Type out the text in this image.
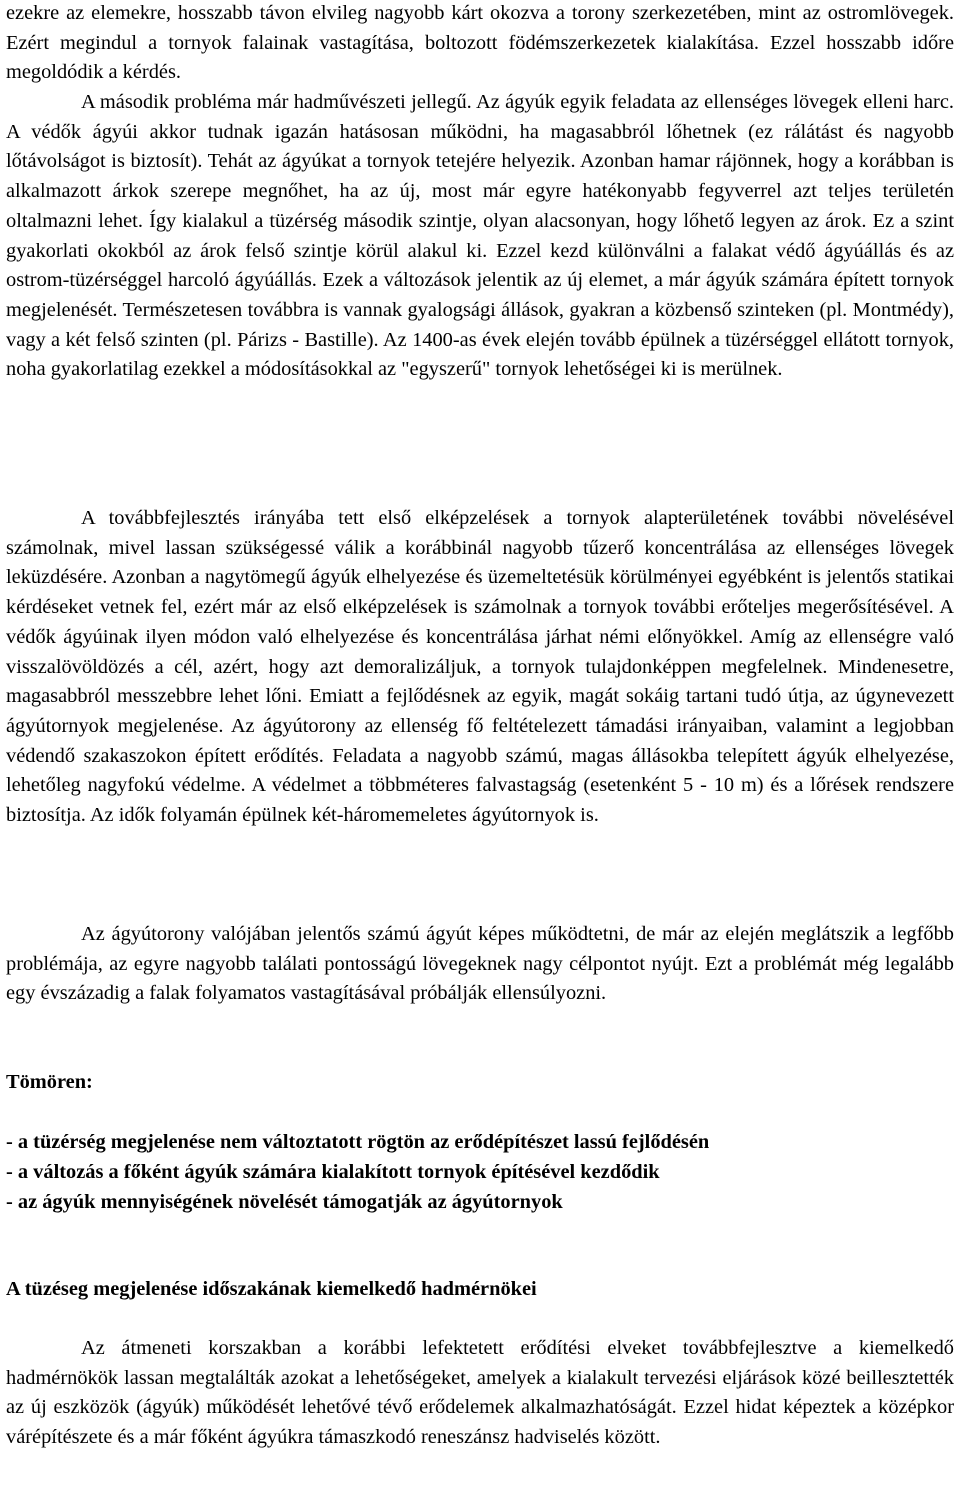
ezekre az elemekre, hosszabb távon elvileg nagyobb kárt okozva a torony szerkezetében, mint az ostromlövegek. Ezért megindul a tornyok falainak vastagítása, boltozott födémszerkezetek kialakítása. Ezzel hosszabb időre megoldódik a kérdés.

A második probléma már hadművészeti jellegű. Az ágyúk egyik feladata az ellenséges lövegek elleni harc. A védők ágyúi akkor tudnak igazán hatásosan működni, ha magasabbról lőhetnek (ez rálátást és nagyobb lőtávolságot is biztosít). Tehát az ágyúkat a tornyok tetejére helyezik. Azonban hamar rájönnek, hogy a korábban is alkalmazott árkok szerepe megnőhet, ha az új, most már egyre hatékonyabb fegyverrel azt teljes területén oltalmazni lehet. Így kialakul a tüzérség második szintje, olyan alacsonyan, hogy lőhető legyen az árok. Ez a szint gyakorlati okokból az árok felső szintje körül alakul ki. Ezzel kezd különválni a falakat védő ágyúállás és az ostrom-tüzérséggel harcoló ágyúállás. Ezek a változások jelentik az új elemet, a már ágyúk számára épített tornyok megjelenését. Természetesen továbbra is vannak gyalogsági állások, gyakran a közbenső szinteken (pl. Montmédy), vagy a két felső szinten (pl. Párizs - Bastille). Az 1400-as évek elején tovább épülnek a tüzérséggel ellátott tornyok, noha gyakorlatilag ezekkel a módosításokkal az "egyszerű" tornyok lehetőségei ki is merülnek.

A továbbfejlesztés irányába tett első elképzelések a tornyok alapterületének további növelésével számolnak, mivel lassan szükségessé válik a korábbinál nagyobb tűzerő koncentrálása az ellenséges lövegek leküzdésére. Azonban a nagytömegű ágyúk elhelyezése és üzemeltetésük körülményei egyébként is jelentős statikai kérdéseket vetnek fel, ezért már az első elképzelések is számolnak a tornyok további erőteljes megerősítésével. A védők ágyúinak ilyen módon való elhelyezése és koncentrálása járhat némi előnyökkel. Amíg az ellenségre való visszalövöldözés a cél, azért, hogy azt demoralizáljuk, a tornyok tulajdonképpen megfelelnek. Mindenesetre, magasabbról messzebbre lehet lőni. Emiatt a fejlődésnek az egyik, magát sokáig tartani tudó útja, az úgynevezett ágyútornyok megjelenése. Az ágyútorony az ellenség fő feltételezett támadási irányaiban, valamint a legjobban védendő szakaszokon épített erődítés. Feladata a nagyobb számú, magas állásokba telepített ágyúk elhelyezése, lehetőleg nagyfokú védelme. A védelmet a többméteres falvastagság (esetenként 5 - 10 m) és a lőrések rendszere biztosítja. Az idők folyamán épülnek két-háromemeletes ágyútornyok is.

Az ágyútorony valójában jelentős számú ágyút képes működtetni, de már az elején meglátszik a legfőbb problémája, az egyre nagyobb találati pontosságú lövegeknek nagy célpontot nyújt. Ezt a problémát még legalább egy évszázadig a falak folyamatos vastagításával próbálják ellensúlyozni.

Tömören:
- a tüzérség megjelenése nem változtatott rögtön az erődépítészet lassú fejlődésén
- a változás a főként ágyúk számára kialakított tornyok építésével kezdődik
- az ágyúk mennyiségének növelését támogatják az ágyútornyok
A tüzéseg megjelenése időszakának kiemelkedő hadmérnökei

Az átmeneti korszakban a korábbi lefektetett erődítési elveket továbbfejlesztve a kiemelkedő hadmérnökök lassan megtalálták azokat a lehetőségeket, amelyek a kialakult tervezési eljárások közé beillesztették az új eszközök (ágyúk) működését lehetővé tévő erődelemek alkalmazhatóságát. Ezzel hidat képeztek a középkor várépítészete és a már főként ágyúkra támaszkodó reneszánsz hadviselés között.
